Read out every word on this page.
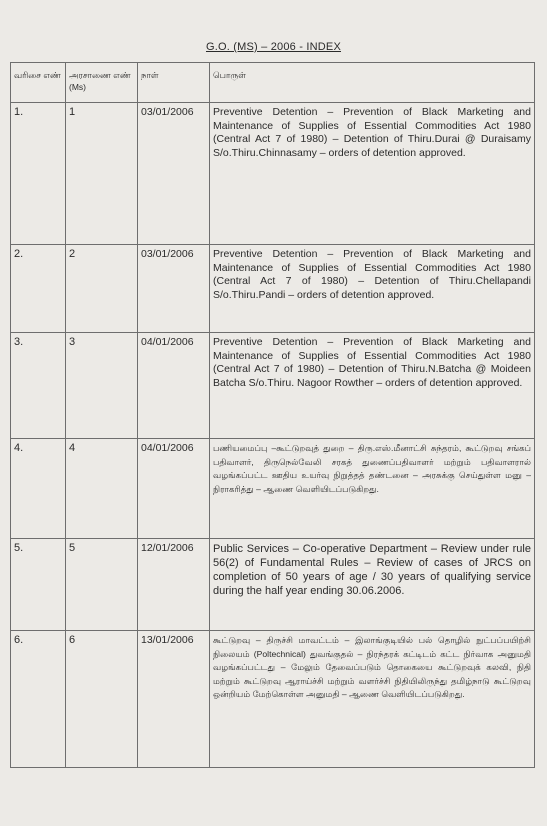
G.O. (MS) – 2006 - INDEX
வரிசை எண்	அரசாணை எண் (Ms)	நாள்	பொருள்
1.	1	03/01/2006	Preventive Detention – Prevention of Black Marketing and Maintenance of Supplies of Essential Commodities Act 1980 (Central Act 7 of 1980) – Detention of Thiru.Durai @ Duraisamy S/o.Thiru.Chinnasamy – orders of detention approved.
2.	2	03/01/2006	Preventive Detention – Prevention of Black Marketing and Maintenance of Supplies of Essential Commodities Act 1980 (Central Act 7 of 1980) – Detention of Thiru.Chellapandi S/o.Thiru.Pandi – orders of detention approved.
3.	3	04/01/2006	Preventive Detention – Prevention of Black Marketing and Maintenance of Supplies of Essential Commodities Act 1980 (Central Act 7 of 1980) – Detention of Thiru.N.Batcha @ Moideen Batcha S/o.Thiru. Nagoor Rowther – orders of detention approved.
4.	4	04/01/2006	பணியமைப்பு –கூட்டுறவுத் துறை – திரு.எஸ்.மீனாட்சி சுந்தரம், கூட்டுறவு சங்கப் பதிவாளர், திருநெல்வேலி சரகத் துணைப்பதிவாளர் மற்றும் பதிவாளரால் வழங்கப்பட்ட ஊதிய உயர்வு நிறுத்தத் தண்டனை – அரசுக்கு செய்துள்ள மனு – நிராகரித்து – ஆணை வெளியிடப்படுகிறது.
5.	5	12/01/2006	Public Services – Co-operative Department – Review under rule 56(2) of Fundamental Rules – Review of cases of JRCS on completion of 50 years of age / 30 years of qualifying service during the half year ending 30.06.2006.
6.	6	13/01/2006	கூட்டுறவு – திருச்சி மாவட்டம் – இலாங்குடியில் பல் தொழில் நுட்பப்பயிற்சி நிலையம் (Poltechnical) துவங்குதல் – நிரந்தரக் கட்டிடம் கட்ட நிர்வாக அனுமதி வழங்கப்பட்டது – மேலும் தேவைப்படும் தொகையை கூட்டுறவுக் கலவி, நிதி மற்றும் கூட்டுறவு ஆராய்ச்சி மற்றும் வளர்ச்சி நிதியிலிருந்து தமிழ்நாடு கூட்டுறவு ஒன்றியம் மேற்கொள்ள அனுமதி – ஆணை வெளியிடப்படுகிறது.
